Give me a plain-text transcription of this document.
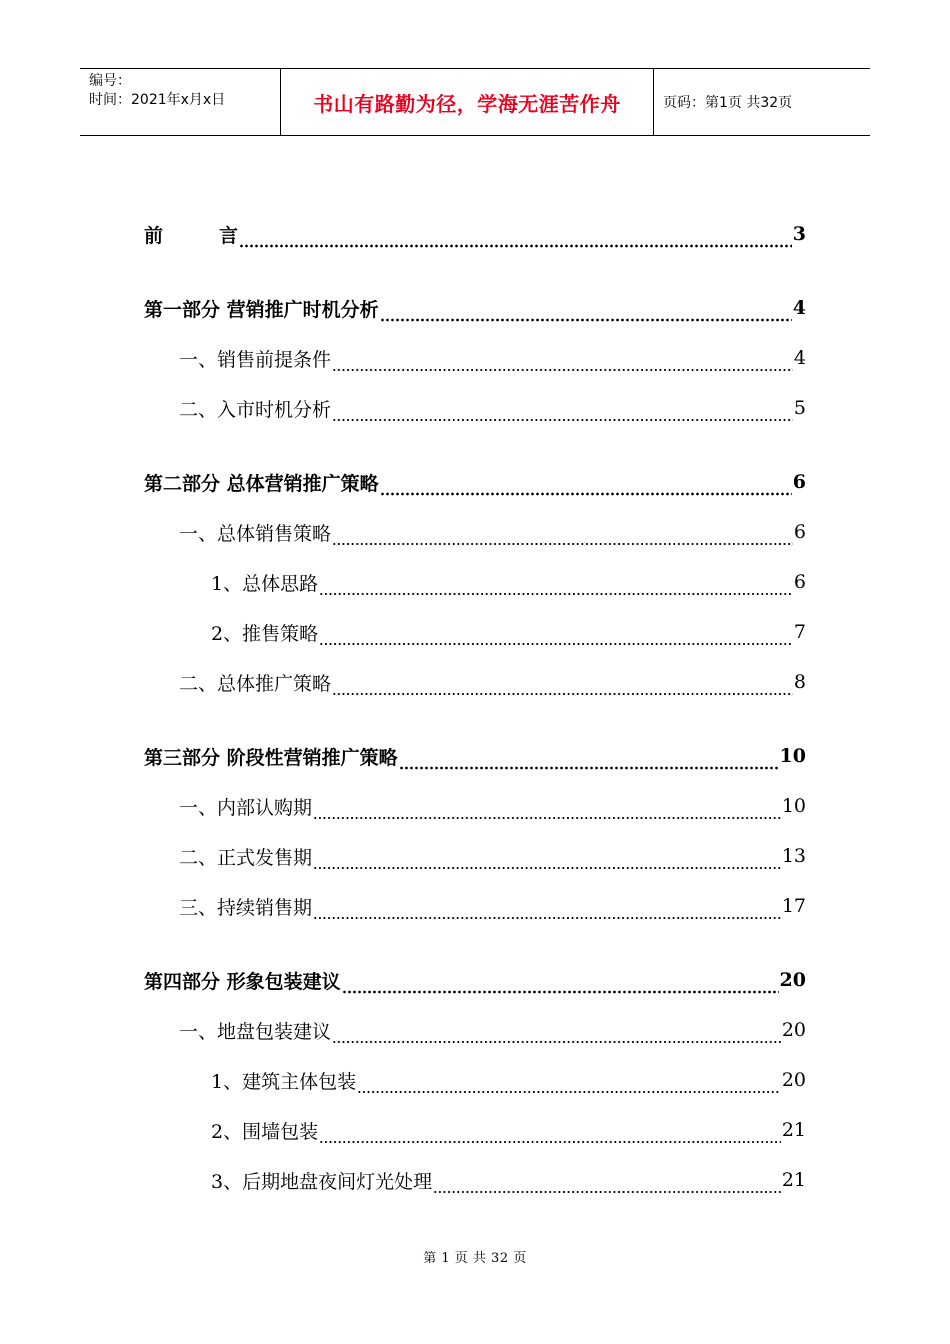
编号：
时间：2021年x月x日	书山有路勤为径，学海无涯苦作舟	页码：第1页 共32页
前	言	3
第一部分 营销推广时机分析	4
一、销售前提条件	4
二、入市时机分析	5
第二部分 总体营销推广策略	6
一、总体销售策略	6
1、总体思路	6
2、推售策略	7
二、总体推广策略	8
第三部分 阶段性营销推广策略	10
一、内部认购期	10
二、正式发售期	13
三、持续销售期	17
第四部分 形象包装建议	20
一、地盘包装建议	20
1、建筑主体包装	20
2、围墙包装	21
3、后期地盘夜间灯光处理	21
第 1 页 共 32 页
